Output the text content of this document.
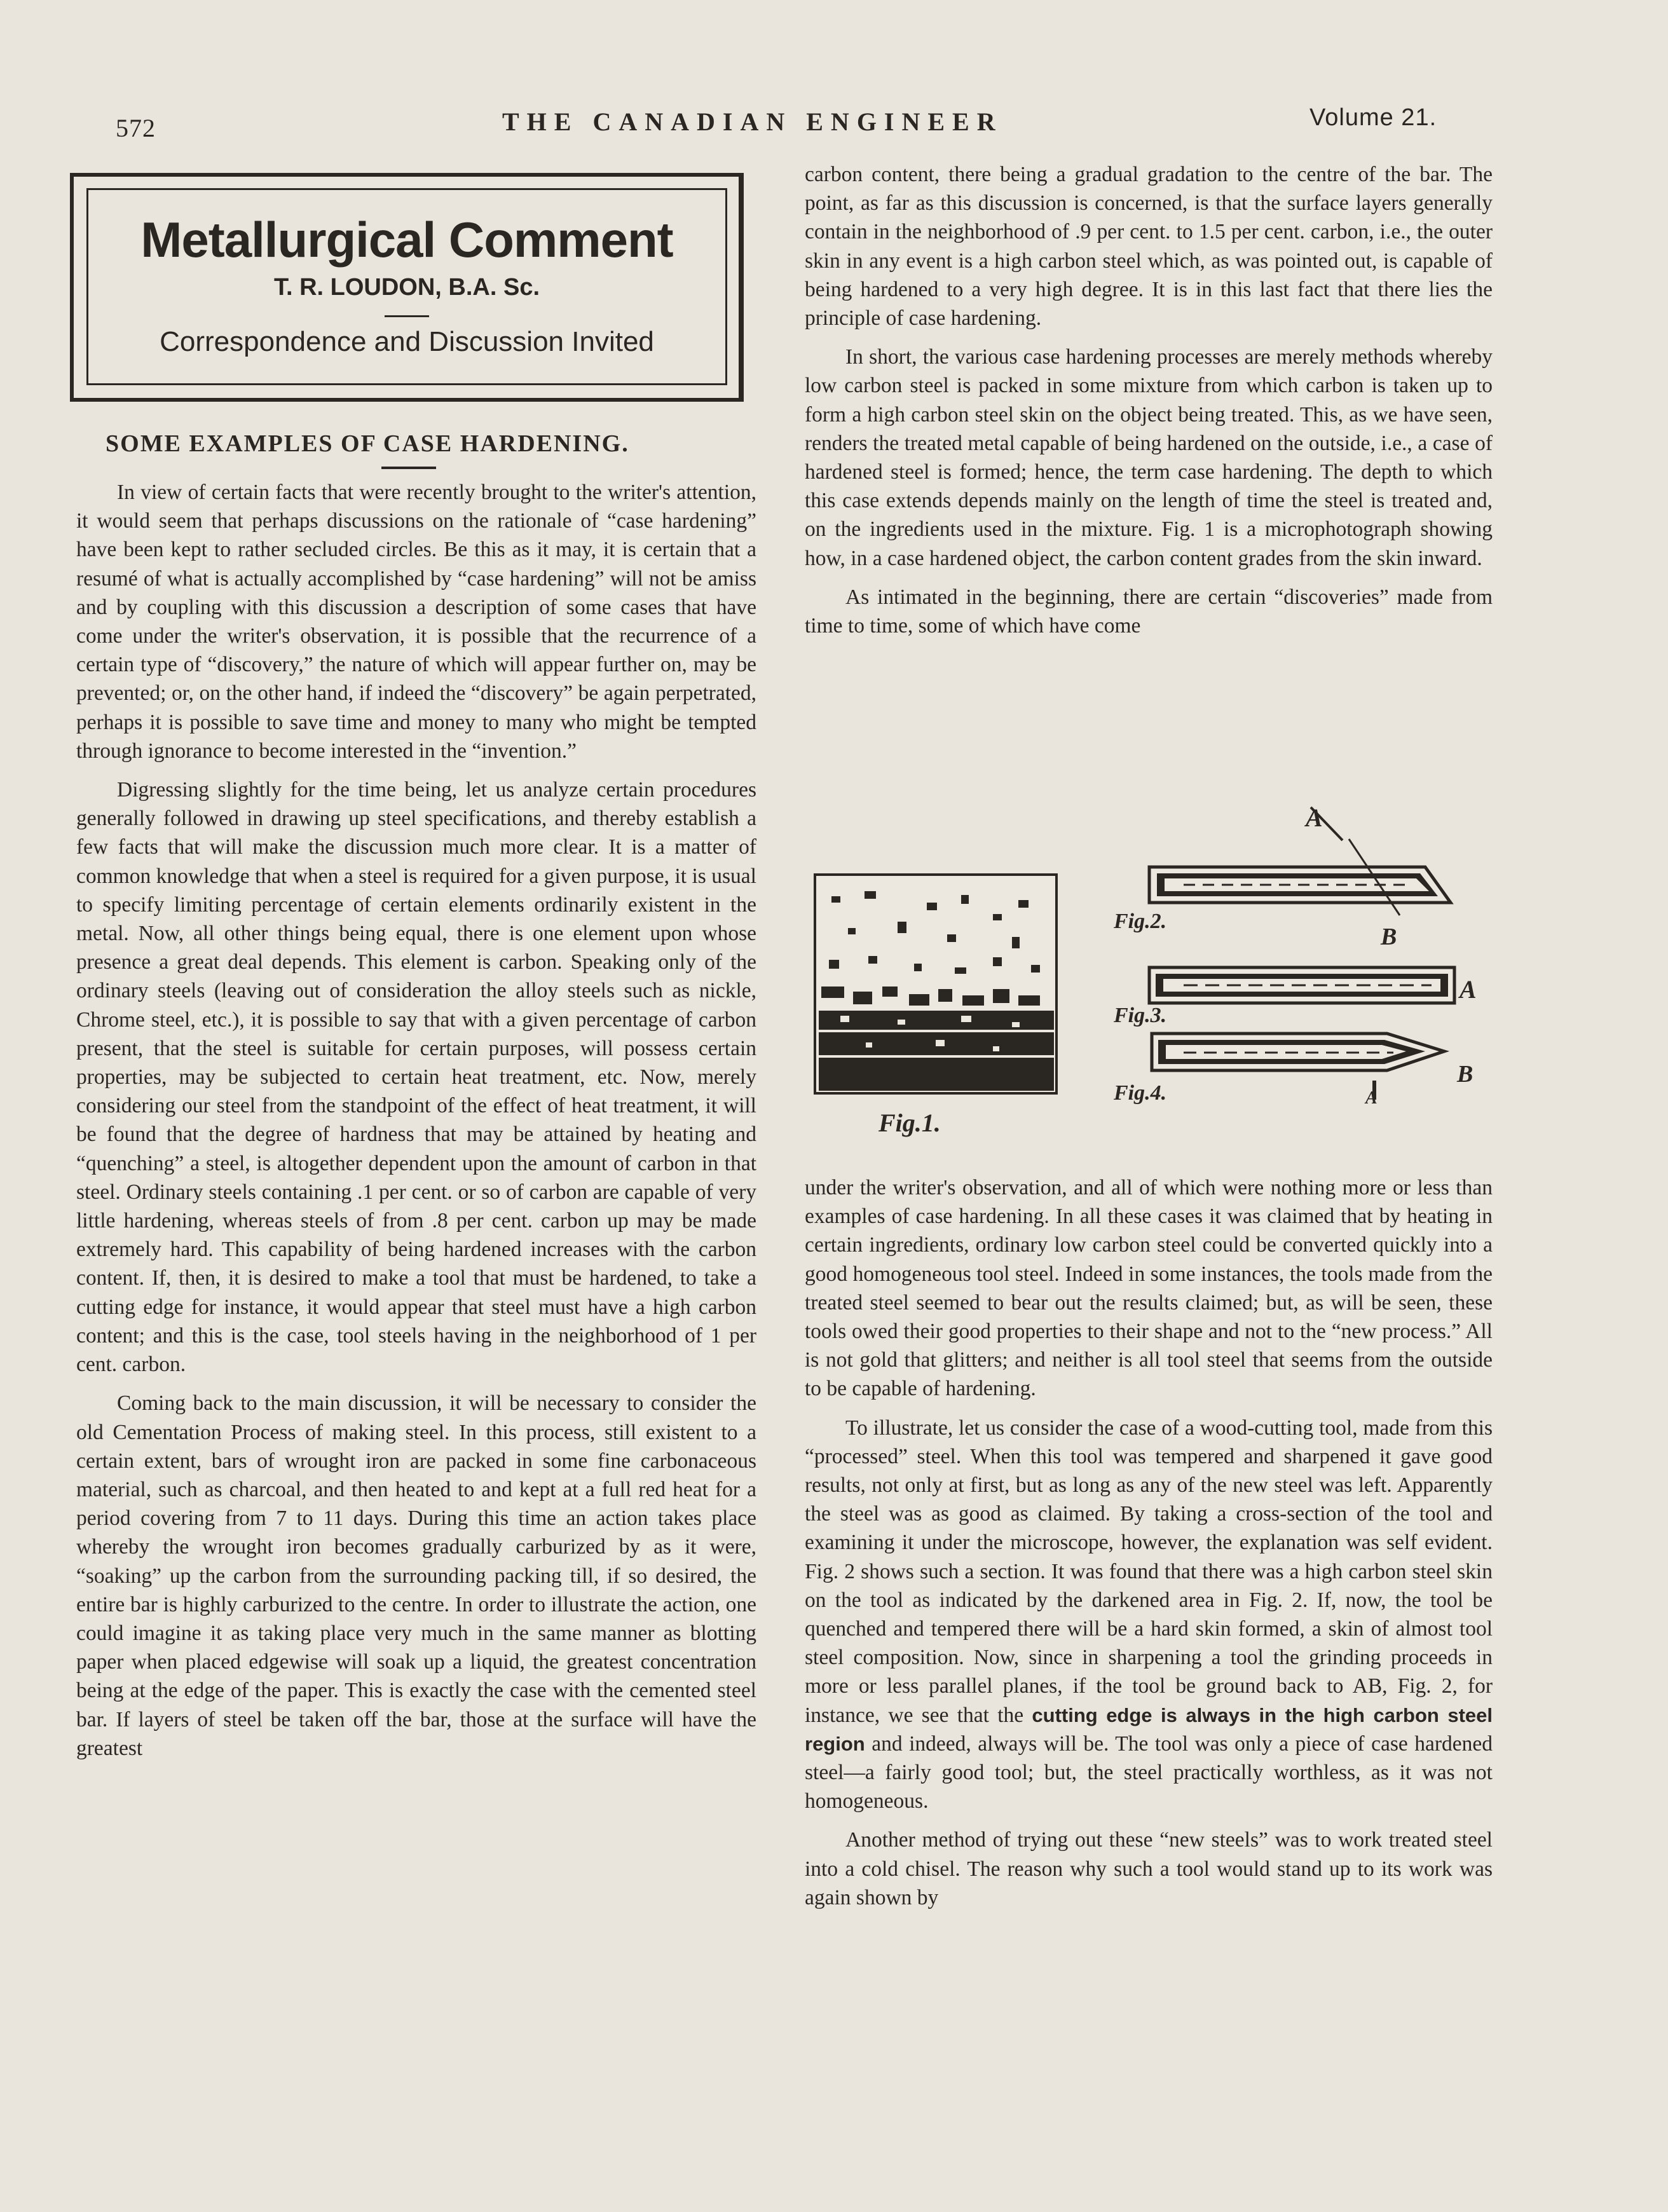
572	THE CANADIAN ENGINEER	Volume 21.
Metallurgical Comment
T. R. LOUDON, B.A. Sc.
Correspondence and Discussion Invited
SOME EXAMPLES OF CASE HARDENING.

In view of certain facts that were recently brought to the writer's attention, it would seem that perhaps discussions on the rationale of “case hardening” have been kept to rather secluded circles. Be this as it may, it is certain that a resumé of what is actually accomplished by “case hardening” will not be amiss and by coupling with this discussion a description of some cases that have come under the writer's observation, it is possible that the recurrence of a certain type of “discovery,” the nature of which will appear further on, may be prevented; or, on the other hand, if indeed the “discovery” be again perpetrated, perhaps it is possible to save time and money to many who might be tempted through ignorance to become interested in the “invention.”

Digressing slightly for the time being, let us analyze certain procedures generally followed in drawing up steel specifications, and thereby establish a few facts that will make the discussion much more clear. It is a matter of common knowledge that when a steel is required for a given purpose, it is usual to specify limiting percentage of certain elements ordinarily existent in the metal. Now, all other things being equal, there is one element upon whose presence a great deal depends. This element is carbon. Speaking only of the ordinary steels (leaving out of consideration the alloy steels such as nickle, Chrome steel, etc.), it is possible to say that with a given percentage of carbon present, that the steel is suitable for certain purposes, will possess certain properties, may be subjected to certain heat treatment, etc. Now, merely considering our steel from the standpoint of the effect of heat treatment, it will be found that the degree of hardness that may be attained by heating and “quenching” a steel, is altogether dependent upon the amount of carbon in that steel. Ordinary steels containing .1 per cent. or so of carbon are capable of very little hardening, whereas steels of from .8 per cent. carbon up may be made extremely hard. This capability of being hardened increases with the carbon content. If, then, it is desired to make a tool that must be hardened, to take a cutting edge for instance, it would appear that steel must have a high carbon content; and this is the case, tool steels having in the neighborhood of 1 per cent. carbon.

Coming back to the main discussion, it will be necessary to consider the old Cementation Process of making steel. In this process, still existent to a certain extent, bars of wrought iron are packed in some fine carbonaceous material, such as charcoal, and then heated to and kept at a full red heat for a period covering from 7 to 11 days. During this time an action takes place whereby the wrought iron becomes gradually carburized by as it were, “soaking” up the carbon from the surrounding packing till, if so desired, the entire bar is highly carburized to the centre. In order to illustrate the action, one could imagine it as taking place very much in the same manner as blotting paper when placed edgewise will soak up a liquid, the greatest concentration being at the edge of the paper. This is exactly the case with the cemented steel bar. If layers of steel be taken off the bar, those at the surface will have the greatest

carbon content, there being a gradual gradation to the centre of the bar. The point, as far as this discussion is concerned, is that the surface layers generally contain in the neighborhood of .9 per cent. to 1.5 per cent. carbon, i.e., the outer skin in any event is a high carbon steel which, as was pointed out, is capable of being hardened to a very high degree. It is in this last fact that there lies the principle of case hardening.

In short, the various case hardening processes are merely methods whereby low carbon steel is packed in some mixture from which carbon is taken up to form a high carbon steel skin on the object being treated. This, as we have seen, renders the treated metal capable of being hardened on the outside, i.e., a case of hardened steel is formed; hence, the term case hardening. The depth to which this case extends depends mainly on the length of time the steel is treated and, on the ingredients used in the mixture. Fig. 1 is a microphotograph showing how, in a case hardened object, the carbon content grades from the skin inward.

As intimated in the beginning, there are certain “discoveries” made from time to time, some of which have come

Fig.1.
Fig.2.
Fig.3.
Fig.4.
A
B
A
B
A

under the writer's observation, and all of which were nothing more or less than examples of case hardening. In all these cases it was claimed that by heating in certain ingredients, ordinary low carbon steel could be converted quickly into a good homogeneous tool steel. Indeed in some instances, the tools made from the treated steel seemed to bear out the results claimed; but, as will be seen, these tools owed their good properties to their shape and not to the “new process.” All is not gold that glitters; and neither is all tool steel that seems from the outside to be capable of hardening.

To illustrate, let us consider the case of a wood-cutting tool, made from this “processed” steel. When this tool was tempered and sharpened it gave good results, not only at first, but as long as any of the new steel was left. Apparently the steel was as good as claimed. By taking a cross-section of the tool and examining it under the microscope, however, the explanation was self evident. Fig. 2 shows such a section. It was found that there was a high carbon steel skin on the tool as indicated by the darkened area in Fig. 2. If, now, the tool be quenched and tempered there will be a hard skin formed, a skin of almost tool steel composition. Now, since in sharpening a tool the grinding proceeds in more or less parallel planes, if the tool be ground back to AB, Fig. 2, for instance, we see that the cutting edge is always in the high carbon steel region and indeed, always will be. The tool was only a piece of case hardened steel—a fairly good tool; but, the steel practically worthless, as it was not homogeneous.

Another method of trying out these “new steels” was to work treated steel into a cold chisel. The reason why such a tool would stand up to its work was again shown by
